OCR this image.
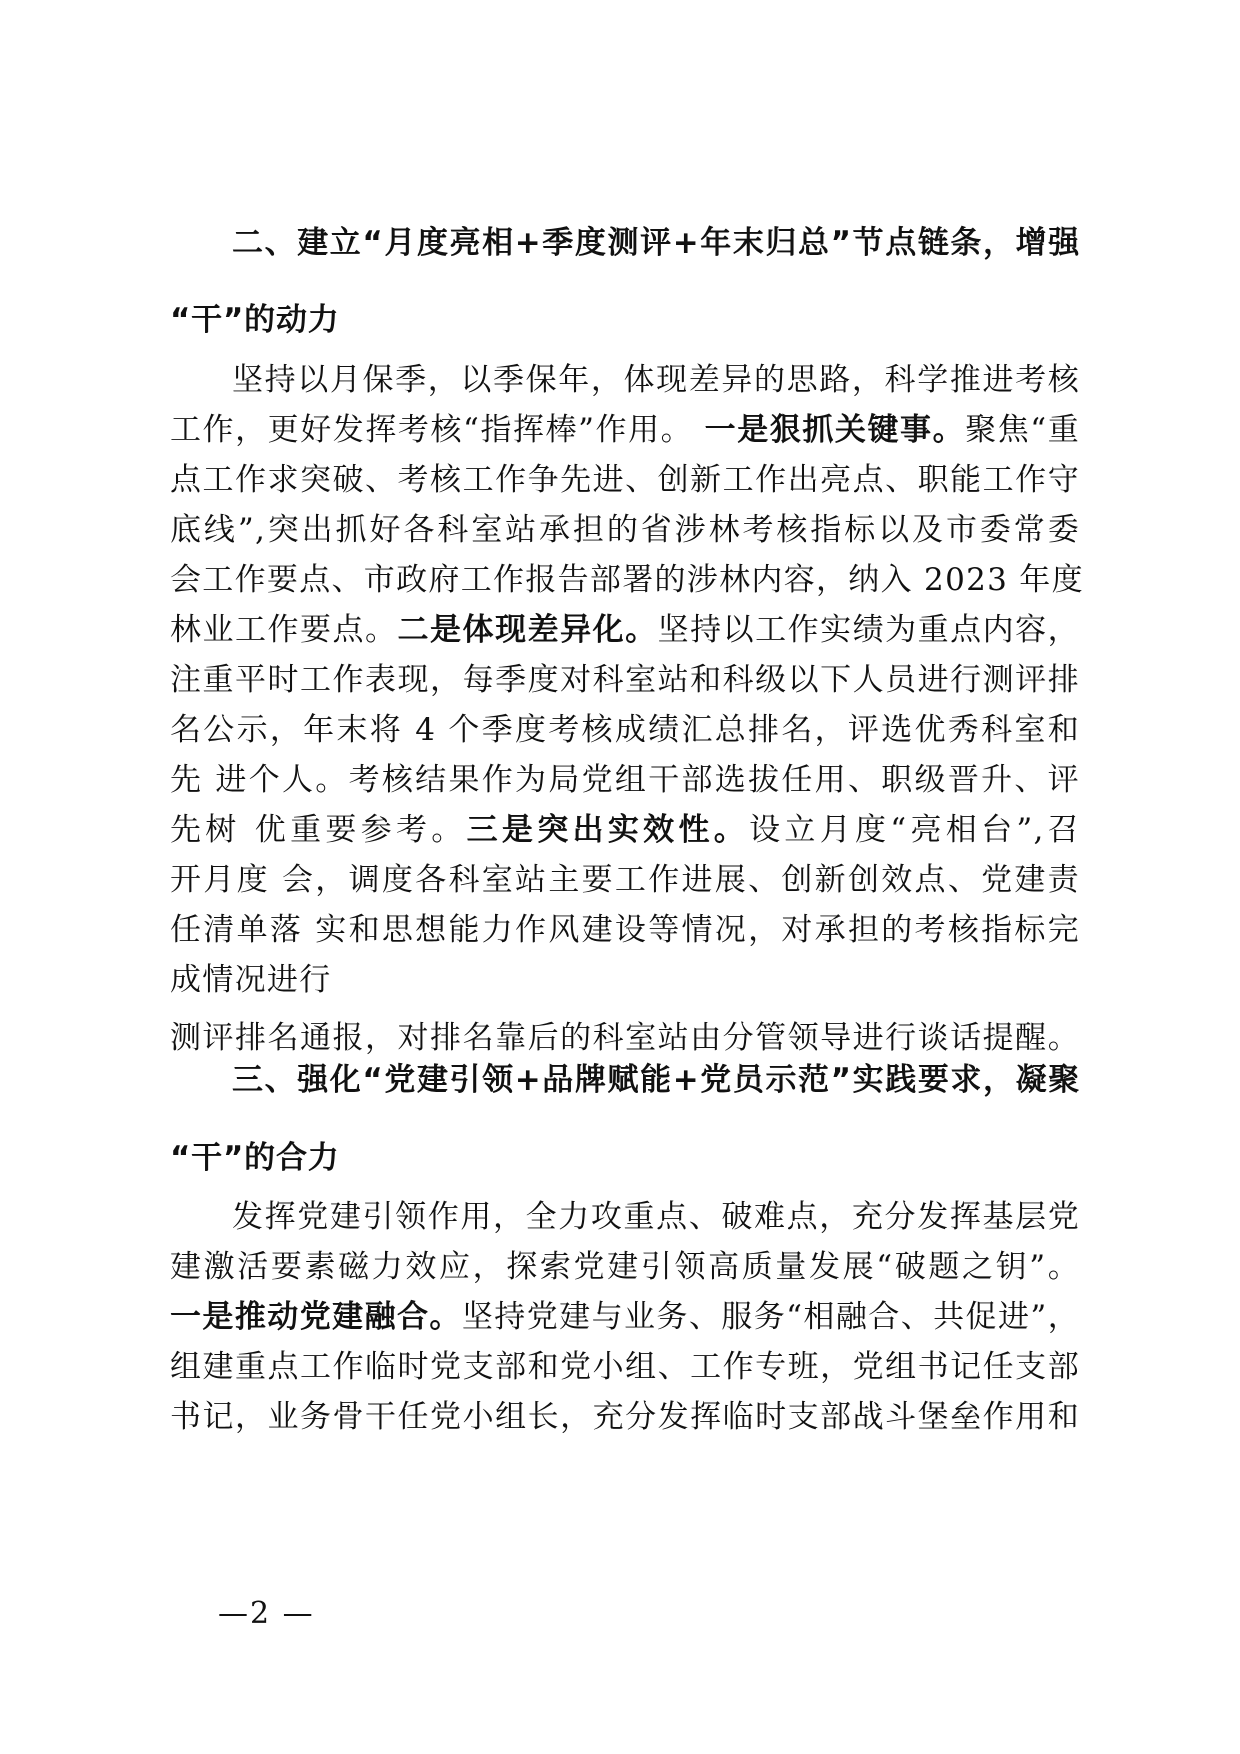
二、建立“月度亮相+季度测评+年末归总”节点链条，增强
“干”的动力
坚持以月保季，以季保年，体现差异的思路，科学推进考核
工作，更好发挥考核“指挥棒”作用。 一是狠抓关键事。聚焦“重
点工作求突破、考核工作争先进、创新工作出亮点、职能工作守
底线”,突出抓好各科室站承担的省涉林考核指标以及市委常委
会工作要点、市政府工作报告部署的涉林内容，纳入 2023 年度
林业工作要点。二是体现差异化。坚持以工作实绩为重点内容，
注重平时工作表现，每季度对科室站和科级以下人员进行测评排
名公示，年末将 4 个季度考核成绩汇总排名，评选优秀科室和
先 进个人。考核结果作为局党组干部选拔任用、职级晋升、评
先树 优重要参考。三是突出实效性。设立月度“亮相台”,召
开月度 会，调度各科室站主要工作进展、创新创效点、党建责
任清单落 实和思想能力作风建设等情况，对承担的考核指标完
成情况进行
测评排名通报，对排名靠后的科室站由分管领导进行谈话提醒。
三、强化“党建引领+品牌赋能+党员示范”实践要求，凝聚
“干”的合力
发挥党建引领作用，全力攻重点、破难点，充分发挥基层党
建激活要素磁力效应，探索党建引领高质量发展“破题之钥”。
一是推动党建融合。坚持党建与业务、服务“相融合、共促进”，
组建重点工作临时党支部和党小组、工作专班，党组书记任支部
书记，业务骨干任党小组长，充分发挥临时支部战斗堡垒作用和
—2 —
